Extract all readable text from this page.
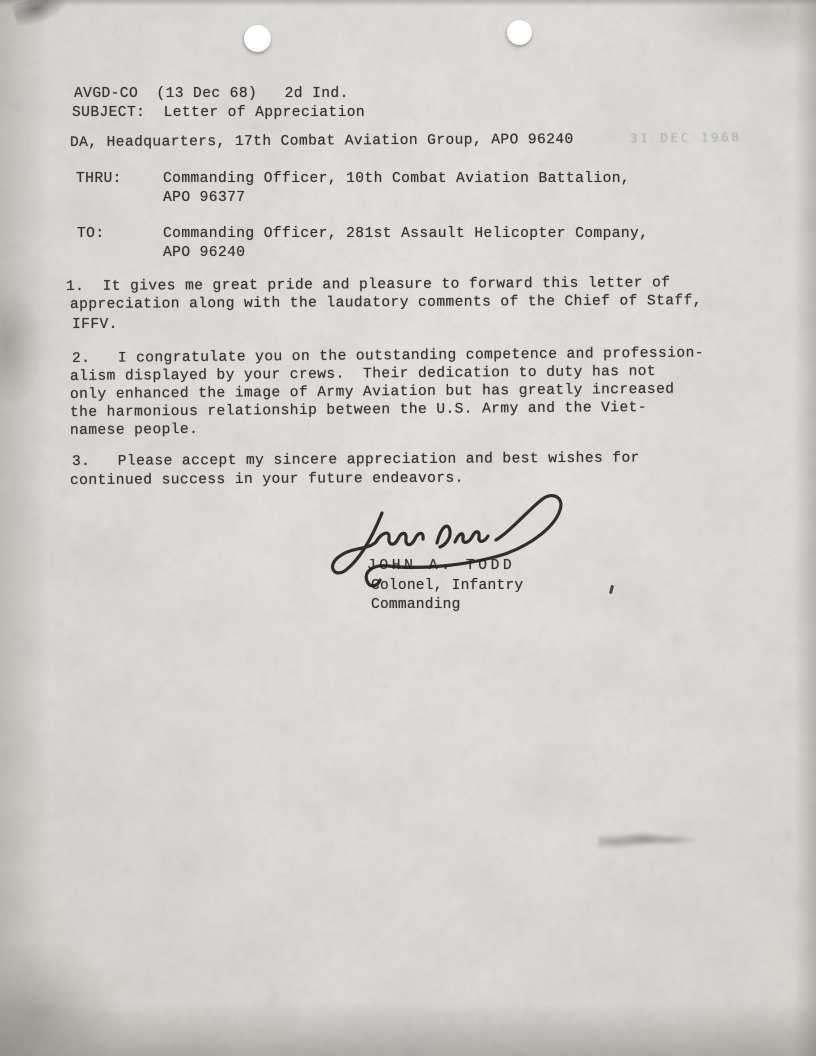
AVGD-CO  (13 Dec 68)   2d Ind.
SUBJECT:  Letter of Appreciation
DA, Headquarters, 17th Combat Aviation Group, APO 96240	31 DEC 1968
THRU:	Commanding Officer, 10th Combat Aviation Battalion,
APO 96377
TO:	Commanding Officer, 281st Assault Helicopter Company,
APO 96240
1.  It gives me great pride and pleasure to forward this letter of
appreciation along with the laudatory comments of the Chief of Staff,
IFFV.
2.   I congratulate you on the outstanding competence and profession-
alism displayed by your crews.  Their dedication to duty has not
only enhanced the image of Army Aviation but has greatly increased
the harmonious relationship between the U.S. Army and the Viet-
namese people.
3.   Please accept my sincere appreciation and best wishes for
continued success in your future endeavors.
JOHN A. TODD
Colonel, Infantry
Commanding
